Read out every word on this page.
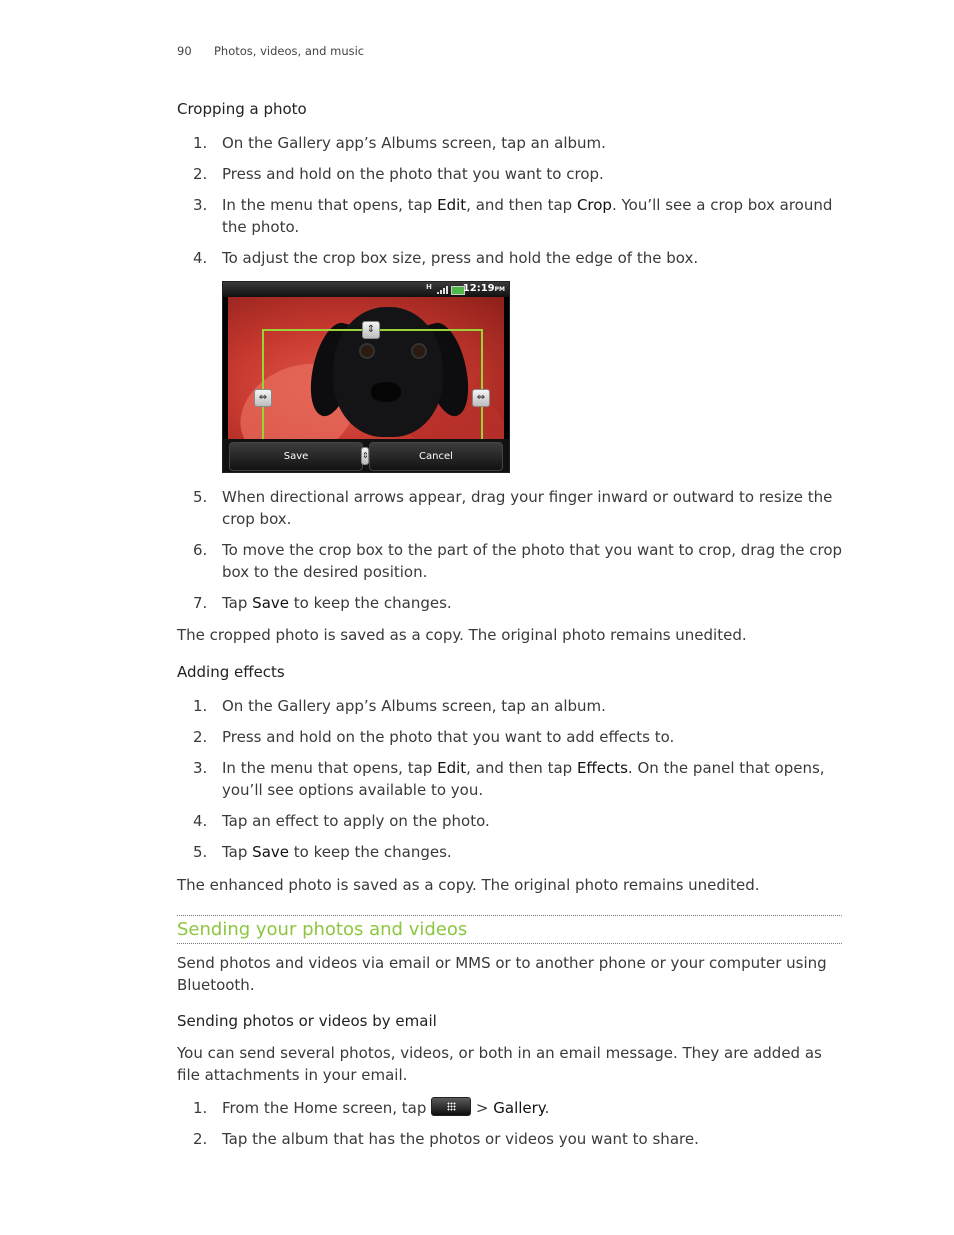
90 Photos, videos, and music
Cropping a photo
1. On the Gallery app’s Albums screen, tap an album.
2. Press and hold on the photo that you want to crop.
3. In the menu that opens, tap Edit, and then tap Crop. You’ll see a crop box around the photo.
4. To adjust the crop box size, press and hold the edge of the box.
H	12:19PM
⇕
⇔	⇔
Save	⇕	Cancel
5. When directional arrows appear, drag your finger inward or outward to resize the crop box.
6. To move the crop box to the part of the photo that you want to crop, drag the crop box to the desired position.
7. Tap Save to keep the changes.
The cropped photo is saved as a copy. The original photo remains unedited.
Adding effects
1. On the Gallery app’s Albums screen, tap an album.
2. Press and hold on the photo that you want to add effects to.
3. In the menu that opens, tap Edit, and then tap Effects. On the panel that opens, you’ll see options available to you.
4. Tap an effect to apply on the photo.
5. Tap Save to keep the changes.
The enhanced photo is saved as a copy. The original photo remains unedited.
Sending your photos and videos
Send photos and videos via email or MMS or to another phone or your computer using Bluetooth.
Sending photos or videos by email
You can send several photos, videos, or both in an email message. They are added as file attachments in your email.
1. From the Home screen, tap	> Gallery.
2. Tap the album that has the photos or videos you want to share.
